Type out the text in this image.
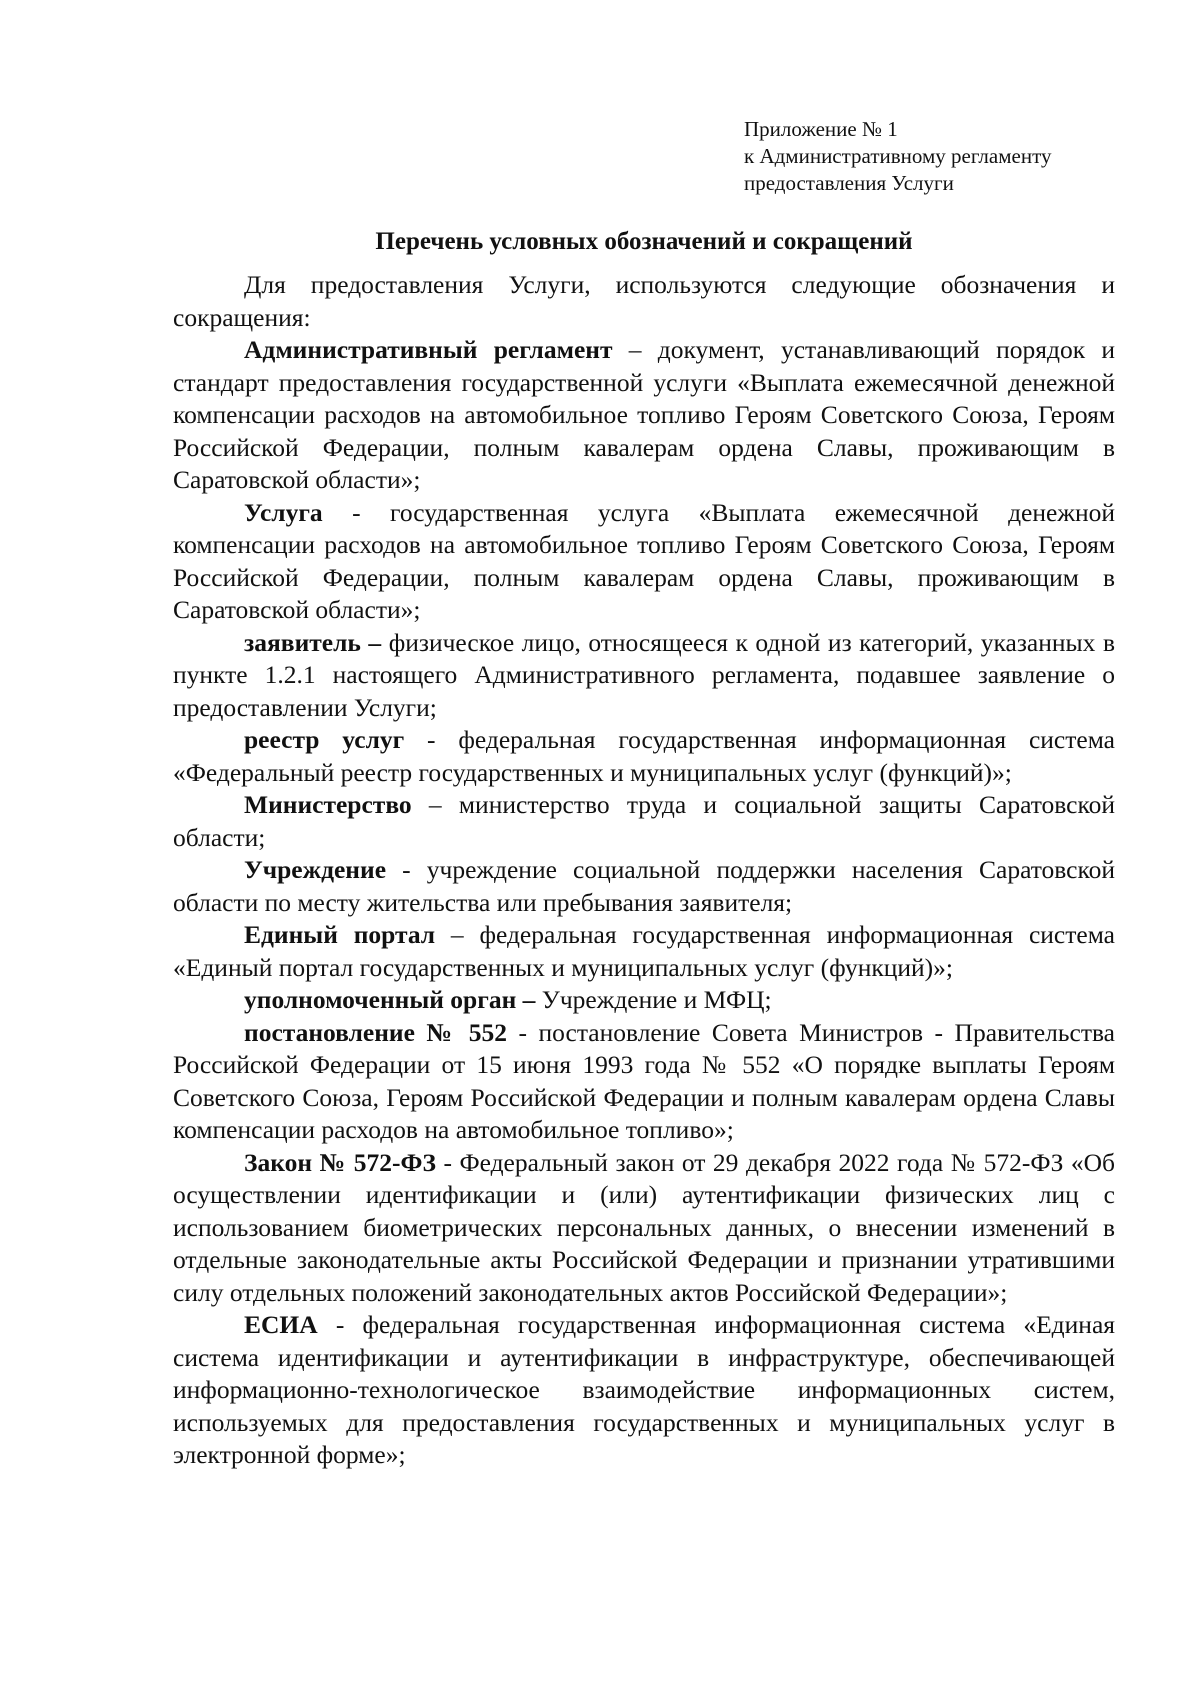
Приложение № 1
к Административному регламенту
предоставления Услуги
Перечень условных обозначений и сокращений

Для предоставления Услуги, используются следующие обозначения и сокращения:

Административный регламент – документ, устанавливающий порядок и стандарт предоставления государственной услуги «Выплата ежемесячной денежной компенсации расходов на автомобильное топливо Героям Советского Союза, Героям Российской Федерации, полным кавалерам ордена Славы, проживающим в Саратовской области»;

Услуга - государственная услуга «Выплата ежемесячной денежной компенсации расходов на автомобильное топливо Героям Советского Союза, Героям Российской Федерации, полным кавалерам ордена Славы, проживающим в Саратовской области»;

заявитель – физическое лицо, относящееся к одной из категорий, указанных в пункте 1.2.1 настоящего Административного регламента, подавшее заявление о предоставлении Услуги;

реестр услуг - федеральная государственная информационная система «Федеральный реестр государственных и муниципальных услуг (функций)»;

Министерство – министерство труда и социальной защиты Саратовской области;

Учреждение - учреждение социальной поддержки населения Саратовской области по месту жительства или пребывания заявителя;

Единый портал – федеральная государственная информационная система «Единый портал государственных и муниципальных услуг (функций)»;

уполномоченный орган – Учреждение и МФЦ;

постановление № 552 - постановление Совета Министров - Правительства Российской Федерации от 15 июня 1993 года № 552 «О порядке выплаты Героям Советского Союза, Героям Российской Федерации и полным кавалерам ордена Славы компенсации расходов на автомобильное топливо»;

Закон № 572-ФЗ - Федеральный закон от 29 декабря 2022 года № 572-ФЗ «Об осуществлении идентификации и (или) аутентификации физических лиц с использованием биометрических персональных данных, о внесении изменений в отдельные законодательные акты Российской Федерации и признании утратившими силу отдельных положений законодательных актов Российской Федерации»;

ЕСИА - федеральная государственная информационная система «Единая система идентификации и аутентификации в инфраструктуре, обеспечивающей информационно-технологическое взаимодействие информационных систем, используемых для предоставления государственных и муниципальных услуг в электронной форме»;
